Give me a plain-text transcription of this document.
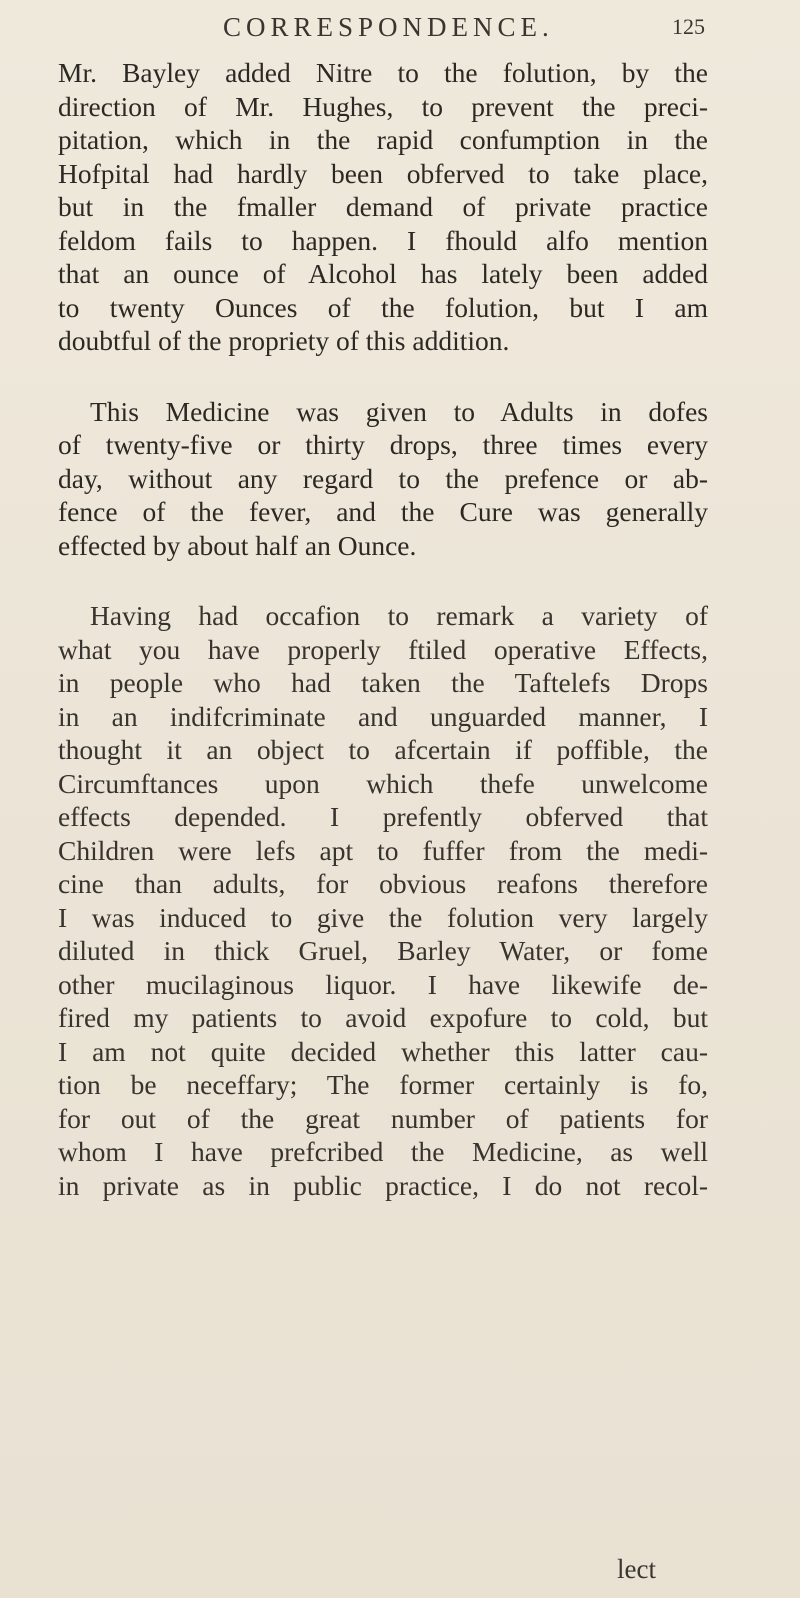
CORRESPONDENCE.	125

Mr. Bayley added Nitre to the folution, by the
direction of Mr. Hughes, to prevent the preci-
pitation, which in the rapid confumption in the
Hofpital had hardly been obferved to take place,
but in the fmaller demand of private practice
feldom fails to happen. I fhould alfo mention
that an ounce of Alcohol has lately been added
to twenty Ounces of the folution, but I am
doubtful of the propriety of this addition.

This Medicine was given to Adults in dofes
of twenty-five or thirty drops, three times every
day, without any regard to the prefence or ab-
fence of the fever, and the Cure was generally
effected by about half an Ounce.

Having had occafion to remark a variety of
what you have properly ftiled operative Effects,
in people who had taken the Taftelefs Drops
in an indifcriminate and unguarded manner, I
thought it an object to afcertain if poffible, the
Circumftances upon which thefe unwelcome
effects depended. I prefently obferved that
Children were lefs apt to fuffer from the medi-
cine than adults, for obvious reafons therefore
I was induced to give the folution very largely
diluted in thick Gruel, Barley Water, or fome
other mucilaginous liquor. I have likewife de-
fired my patients to avoid expofure to cold, but
I am not quite decided whether this latter cau-
tion be neceffary; The former certainly is fo,
for out of the great number of patients for
whom I have prefcribed the Medicine, as well
in private as in public practice, I do not recol-

lect
